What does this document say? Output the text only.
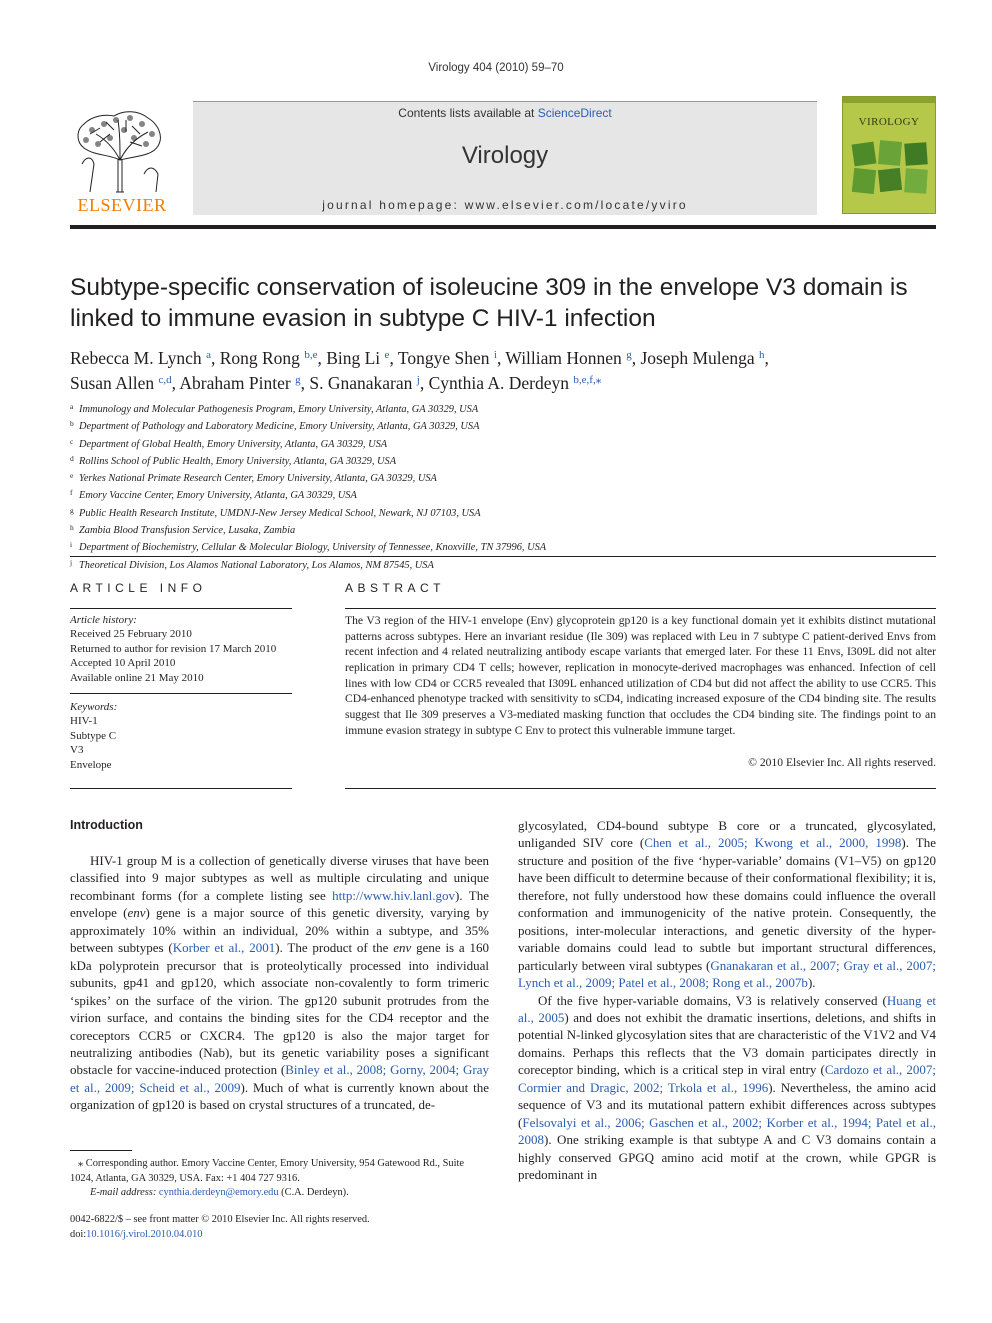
Virology 404 (2010) 59–70
ELSEVIER
Contents lists available at ScienceDirect
Virology
journal homepage: www.elsevier.com/locate/yviro
VIROLOGY
Subtype-specific conservation of isoleucine 309 in the envelope V3 domain is linked to immune evasion in subtype C HIV-1 infection
Rebecca M. Lynch $^a$, Rong Rong $^{b,e}$, Bing Li $^e$, Tongye Shen $^i$, William Honnen $^g$, Joseph Mulenga $^h$,
Susan Allen $^{c,d}$, Abraham Pinter $^g$, S. Gnanakaran $^j$, Cynthia A. Derdeyn $^{b,e,f,⁎}$
$^a$ Immunology and Molecular Pathogenesis Program, Emory University, Atlanta, GA 30329, USA
$^b$ Department of Pathology and Laboratory Medicine, Emory University, Atlanta, GA 30329, USA
$^c$ Department of Global Health, Emory University, Atlanta, GA 30329, USA
$^d$ Rollins School of Public Health, Emory University, Atlanta, GA 30329, USA
$^e$ Yerkes National Primate Research Center, Emory University, Atlanta, GA 30329, USA
$^f$ Emory Vaccine Center, Emory University, Atlanta, GA 30329, USA
$^g$ Public Health Research Institute, UMDNJ-New Jersey Medical School, Newark, NJ 07103, USA
$^h$ Zambia Blood Transfusion Service, Lusaka, Zambia
$^i$ Department of Biochemistry, Cellular & Molecular Biology, University of Tennessee, Knoxville, TN 37996, USA
$^j$ Theoretical Division, Los Alamos National Laboratory, Los Alamos, NM 87545, USA
ARTICLE INFO
Article history:
Received 25 February 2010
Returned to author for revision 17 March 2010
Accepted 10 April 2010
Available online 21 May 2010
Keywords:
HIV-1
Subtype C
V3
Envelope
ABSTRACT
The V3 region of the HIV-1 envelope (Env) glycoprotein gp120 is a key functional domain yet it exhibits distinct mutational patterns across subtypes. Here an invariant residue (Ile 309) was replaced with Leu in 7 subtype C patient-derived Envs from recent infection and 4 related neutralizing antibody escape variants that emerged later. For these 11 Envs, I309L did not alter replication in primary CD4 T cells; however, replication in monocyte-derived macrophages was enhanced. Infection of cell lines with low CD4 or CCR5 revealed that I309L enhanced utilization of CD4 but did not affect the ability to use CCR5. This CD4-enhanced phenotype tracked with sensitivity to sCD4, indicating increased exposure of the CD4 binding site. The results suggest that Ile 309 preserves a V3-mediated masking function that occludes the CD4 binding site. The findings point to an immune evasion strategy in subtype C Env to protect this vulnerable immune target.
© 2010 Elsevier Inc. All rights reserved.
Introduction

HIV-1 group M is a collection of genetically diverse viruses that have been classified into 9 major subtypes as well as multiple circulating and unique recombinant forms (for a complete listing see http://www.hiv.lanl.gov). The envelope (env) gene is a major source of this genetic diversity, varying by approximately 10% within an individual, 20% within a subtype, and 35% between subtypes (Korber et al., 2001). The product of the env gene is a 160 kDa polyprotein precursor that is proteolytically processed into individual subunits, gp41 and gp120, which associate non-covalently to form trimeric ‘spikes’ on the surface of the virion. The gp120 subunit protrudes from the virion surface, and contains the binding sites for the CD4 receptor and the coreceptors CCR5 or CXCR4. The gp120 is also the major target for neutralizing antibodies (Nab), but its genetic variability poses a significant obstacle for vaccine-induced protection (Binley et al., 2008; Gorny, 2004; Gray et al., 2009; Scheid et al., 2009). Much of what is currently known about the organization of gp120 is based on crystal structures of a truncated, de-

glycosylated, CD4-bound subtype B core or a truncated, glycosylated, unliganded SIV core (Chen et al., 2005; Kwong et al., 2000, 1998). The structure and position of the five ‘hyper-variable’ domains (V1–V5) on gp120 have been difficult to determine because of their conformational flexibility; it is, therefore, not fully understood how these domains could influence the overall conformation and immunogenicity of the native protein. Consequently, the positions, inter-molecular interactions, and genetic diversity of the hyper-variable domains could lead to subtle but important structural differences, particularly between viral subtypes (Gnanakaran et al., 2007; Gray et al., 2007; Lynch et al., 2009; Patel et al., 2008; Rong et al., 2007b).

Of the five hyper-variable domains, V3 is relatively conserved (Huang et al., 2005) and does not exhibit the dramatic insertions, deletions, and shifts in potential N-linked glycosylation sites that are characteristic of the V1V2 and V4 domains. Perhaps this reflects that the V3 domain participates directly in coreceptor binding, which is a critical step in viral entry (Cardozo et al., 2007; Cormier and Dragic, 2002; Trkola et al., 1996). Nevertheless, the amino acid sequence of V3 and its mutational pattern exhibit differences across subtypes (Felsovalyi et al., 2006; Gaschen et al., 2002; Korber et al., 1994; Patel et al., 2008). One striking example is that subtype A and C V3 domains contain a highly conserved GPGQ amino acid motif at the crown, while GPGR is predominant in

⁎ Corresponding author. Emory Vaccine Center, Emory University, 954 Gatewood Rd., Suite 1024, Atlanta, GA 30329, USA. Fax: +1 404 727 9316.
E-mail address: cynthia.derdeyn@emory.edu (C.A. Derdeyn).
0042-6822/$ – see front matter © 2010 Elsevier Inc. All rights reserved.
doi:10.1016/j.virol.2010.04.010
